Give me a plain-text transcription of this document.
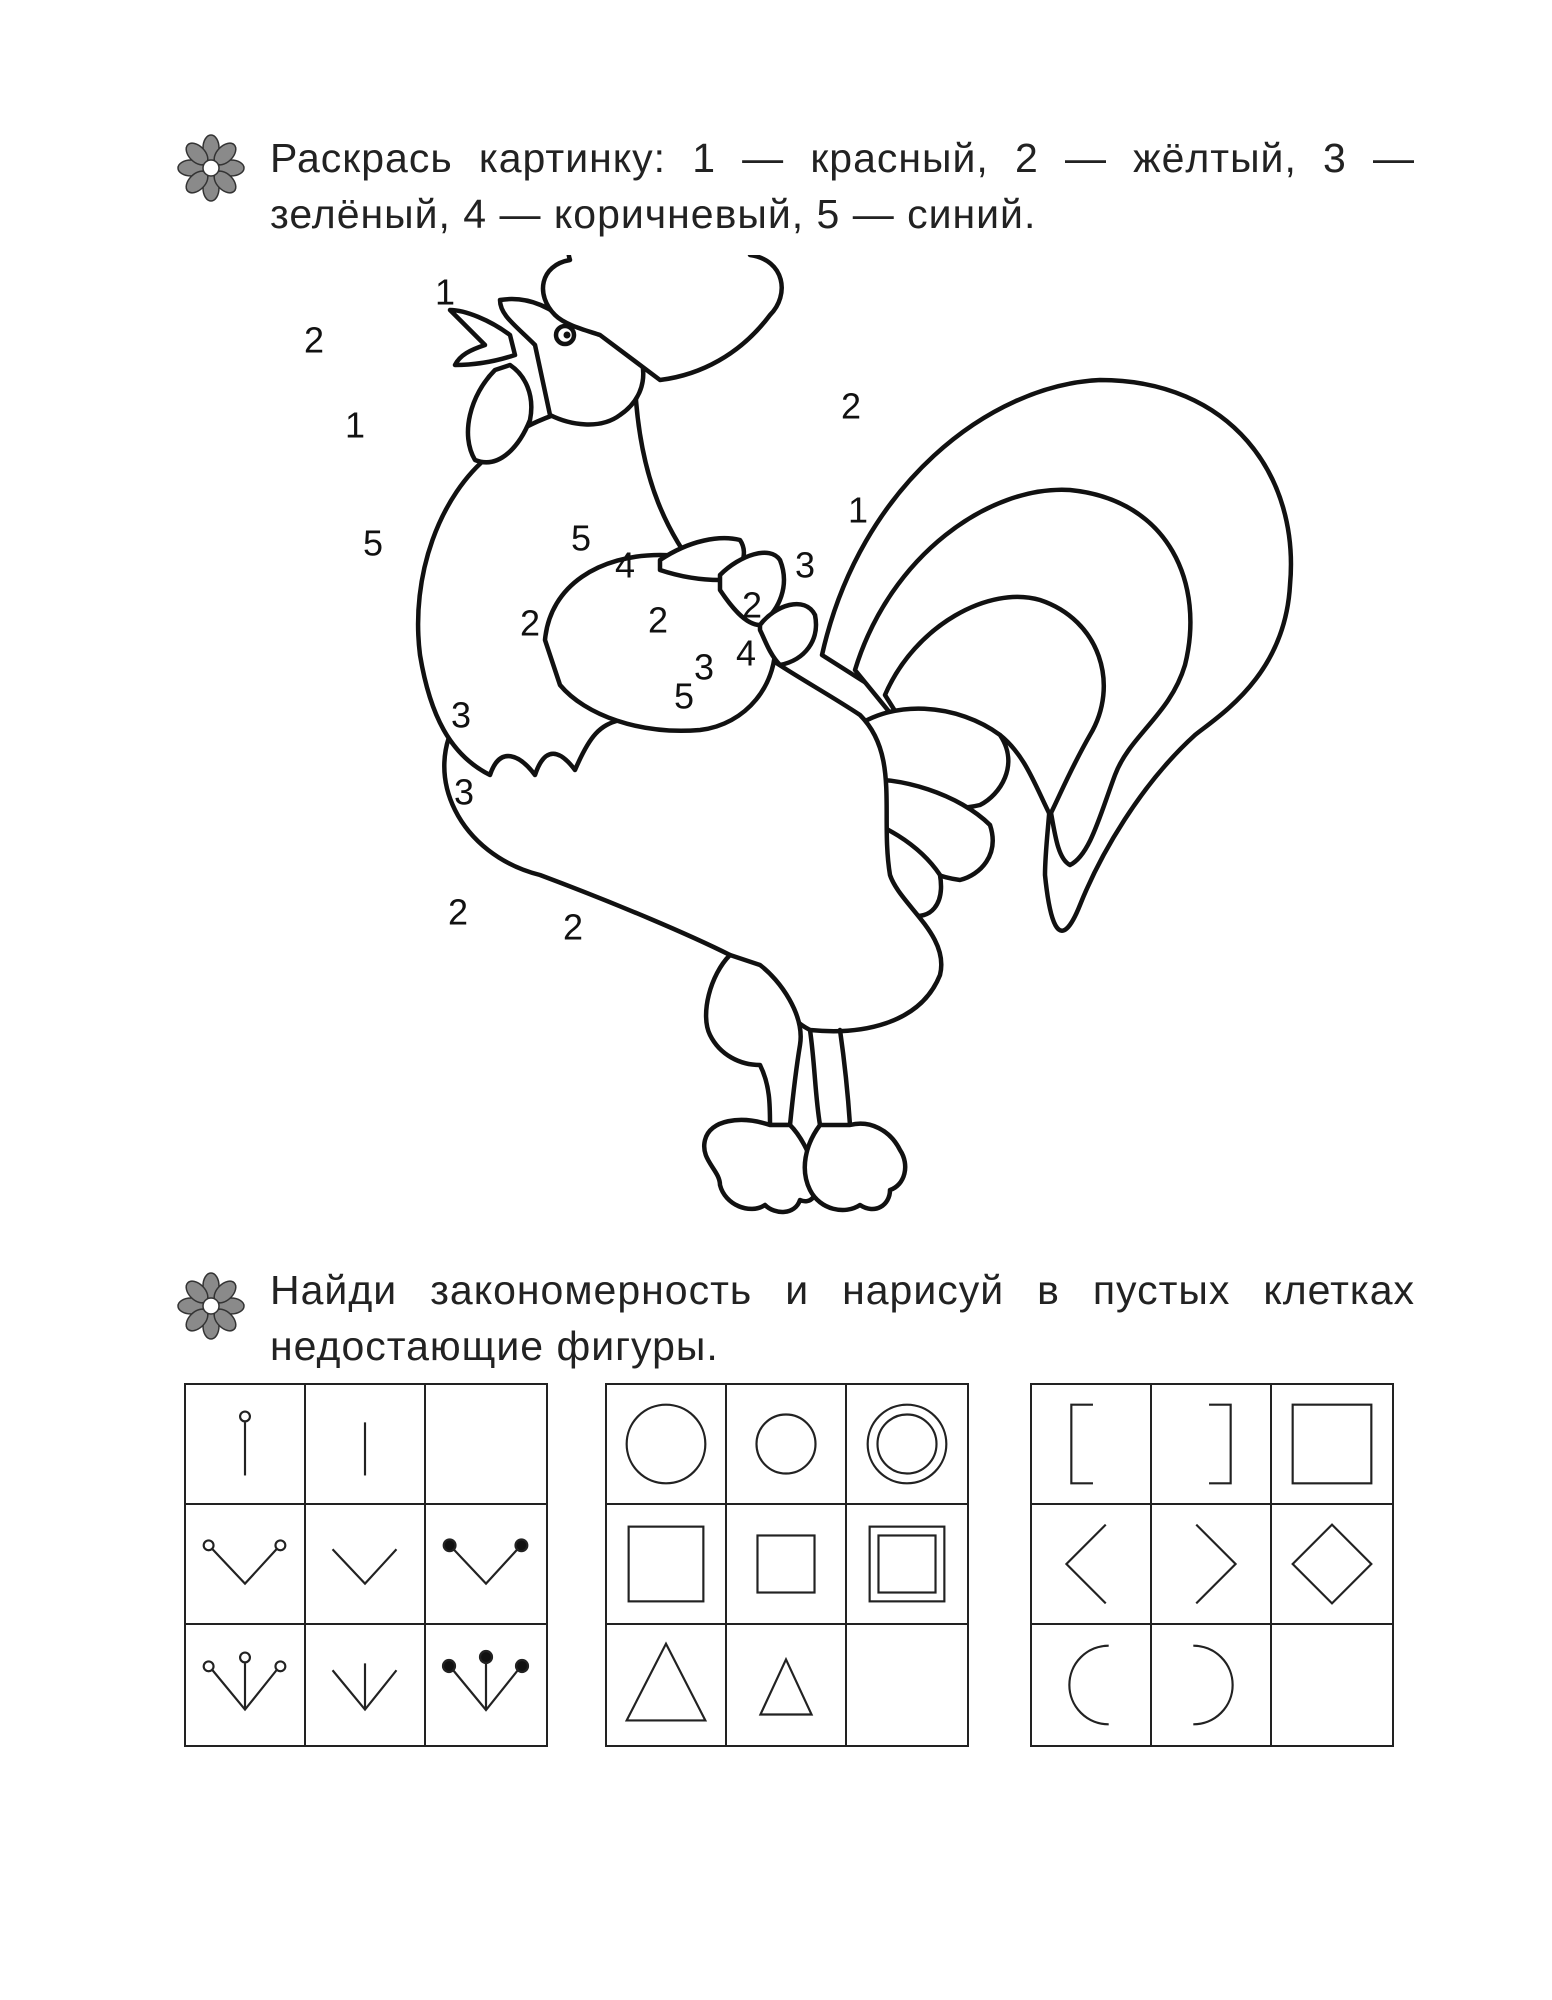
Раскрась картинку: 1 — красный, 2 — жёлтый, 3 — зелёный, 4 — коричневый, 5 — синий.

1
2
1
5
2
5
4
2
2
1
3
2
4
3
5
3
3
2	2

Найди закономерность и нарисуй в пустых клетках недостающие фигуры.
